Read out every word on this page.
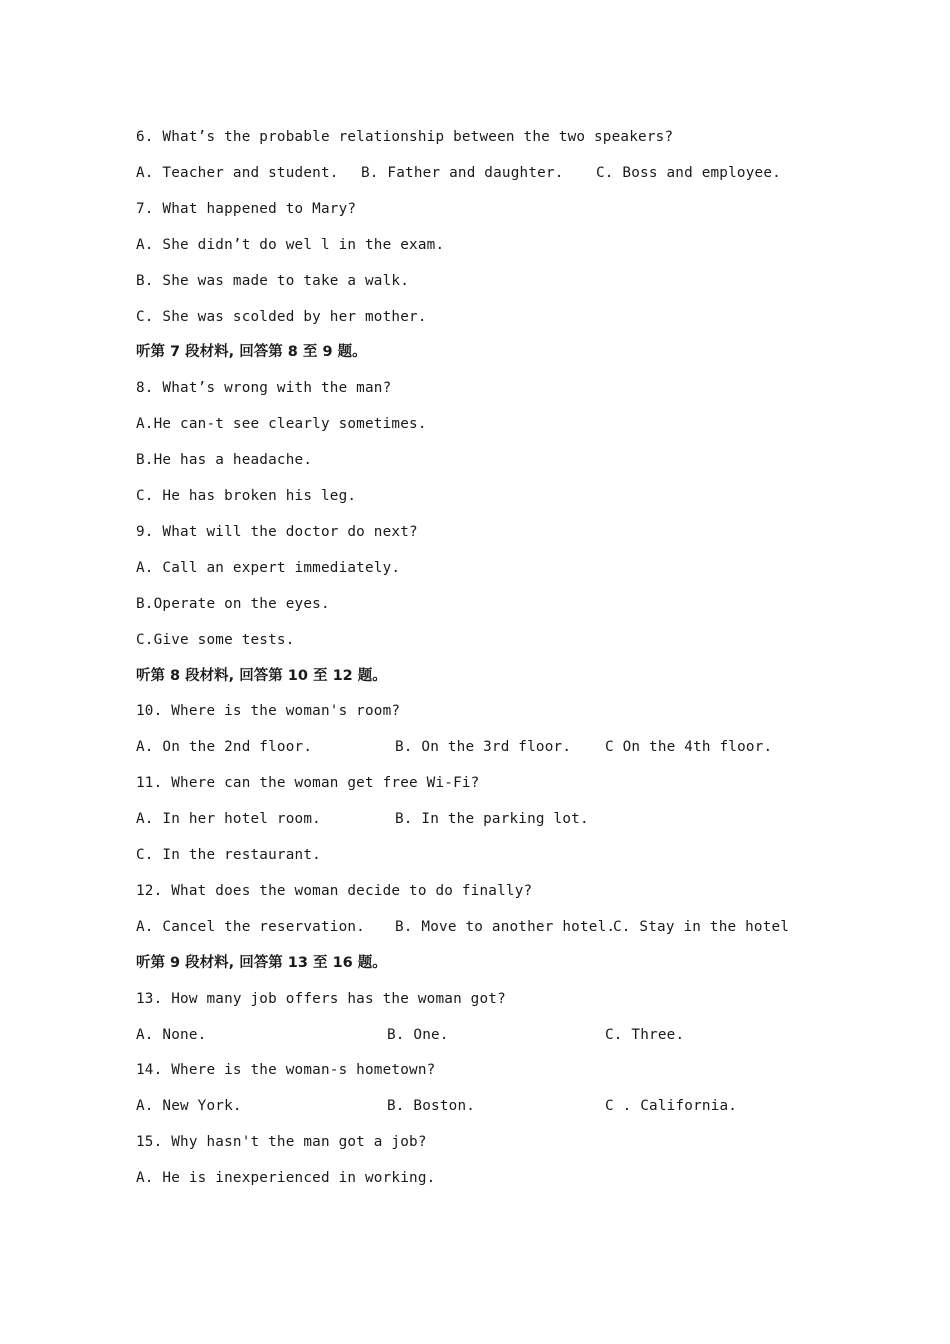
6. What’s the probable relationship between the two speakers?
A. Teacher and student. B. Father and daughter. C. Boss and employee.
7. What happened to Mary?
A. She didn’t do wel l in the exam.
B. She was made to take a walk.
C. She was scolded by her mother.
听第 7 段材料, 回答第 8 至 9 题。
8. What’s wrong with the man?
A.He can-t see clearly sometimes.
B.He has a headache.
C. He has broken his leg.
9. What will the doctor do next?
A. Call an expert immediately.
B.Operate on the eyes.
C.Give some tests.
听第 8 段材料, 回答第 10 至 12 题。
10. Where is the woman's room?
A. On the 2nd floor.	B. On the 3rd floor. C On the 4th floor.
11. Where can the woman get free Wi-Fi?
A. In her hotel room.	B. In the parking lot.
C. In the restaurant.
12. What does the woman decide to do finally?
A. Cancel the reservation. B. Move to another hotel.
C. Stay in the hotel
听第 9 段材料, 回答第 13 至 16 题。
13. How many job offers has the woman got?
A. None.	B. One.	C. Three.
14. Where is the woman-s hometown?
A. New York.	B. Boston.	C . California.
15. Why hasn't the man got a job?
A. He is inexperienced in working.
